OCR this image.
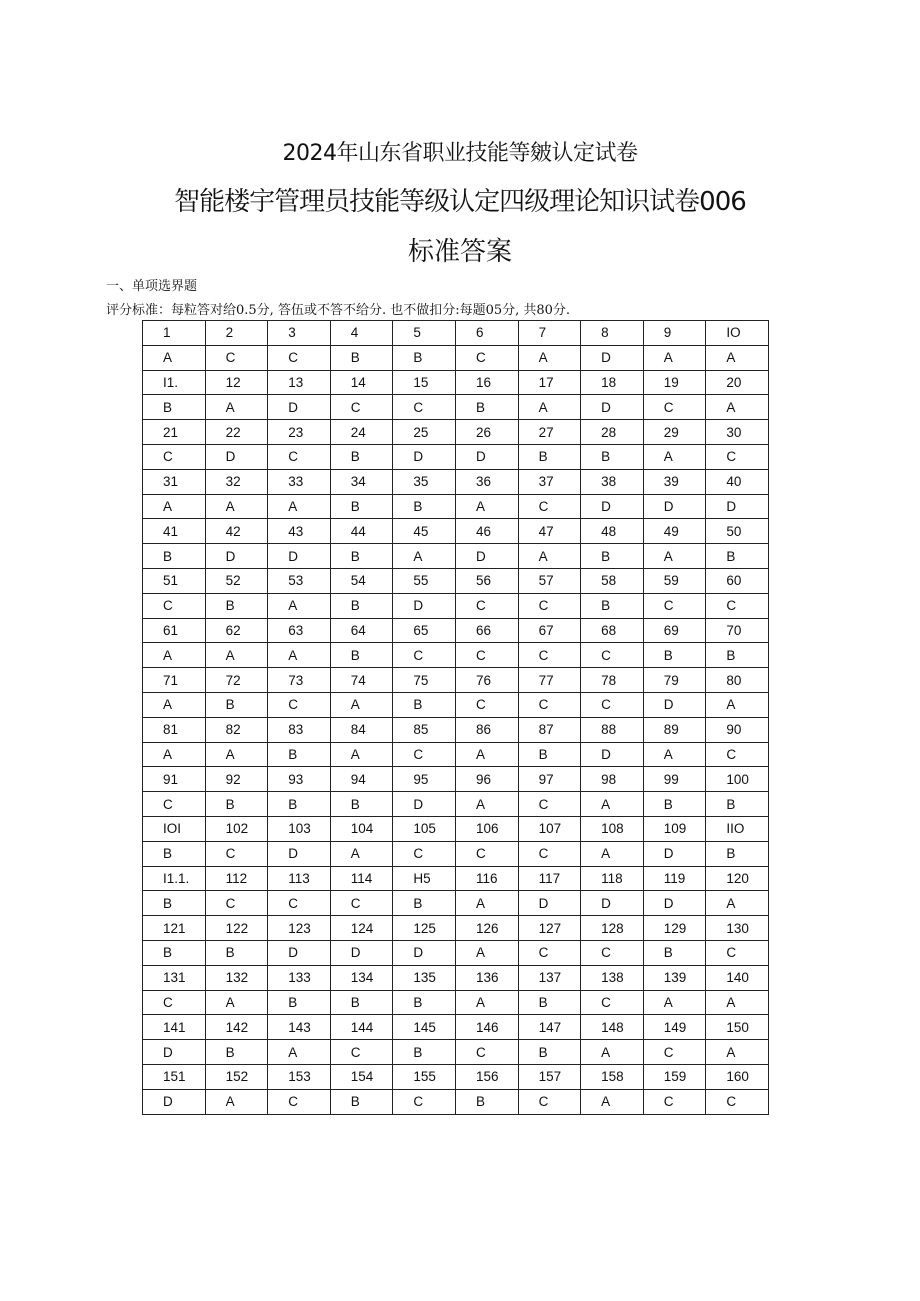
2024年山东省职业技能等皴认定试卷
智能楼宇管理员技能等级认定四级理论知识试卷006
标准答案
一、单项选界题
评分标准：每粒答对给0.5分, 答伍或不答不给分. 也不做扣分:每题05分, 共80分.
1	2	3	4	5	6	7	8	9	IO
A	C	C	B	B	C	A	D	A	A
I1.	12	13	14	15	16	17	18	19	20
B	A	D	C	C	B	A	D	C	A
21	22	23	24	25	26	27	28	29	30
C	D	C	B	D	D	B	B	A	C
31	32	33	34	35	36	37	38	39	40
A	A	A	B	B	A	C	D	D	D
41	42	43	44	45	46	47	48	49	50
B	D	D	B	A	D	A	B	A	B
51	52	53	54	55	56	57	58	59	60
C	B	A	B	D	C	C	B	C	C
61	62	63	64	65	66	67	68	69	70
A	A	A	B	C	C	C	C	B	B
71	72	73	74	75	76	77	78	79	80
A	B	C	A	B	C	C	C	D	A
81	82	83	84	85	86	87	88	89	90
A	A	B	A	C	A	B	D	A	C
91	92	93	94	95	96	97	98	99	100
C	B	B	B	D	A	C	A	B	B
IOI	102	103	104	105	106	107	108	109	IIO
B	C	D	A	C	C	C	A	D	B
I1.1.	112	113	114	H5	116	117	118	119	120
B	C	C	C	B	A	D	D	D	A
121	122	123	124	125	126	127	128	129	130
B	B	D	D	D	A	C	C	B	C
131	132	133	134	135	136	137	138	139	140
C	A	B	B	B	A	B	C	A	A
141	142	143	144	145	146	147	148	149	150
D	B	A	C	B	C	B	A	C	A
151	152	153	154	155	156	157	158	159	160
D	A	C	B	C	B	C	A	C	C
